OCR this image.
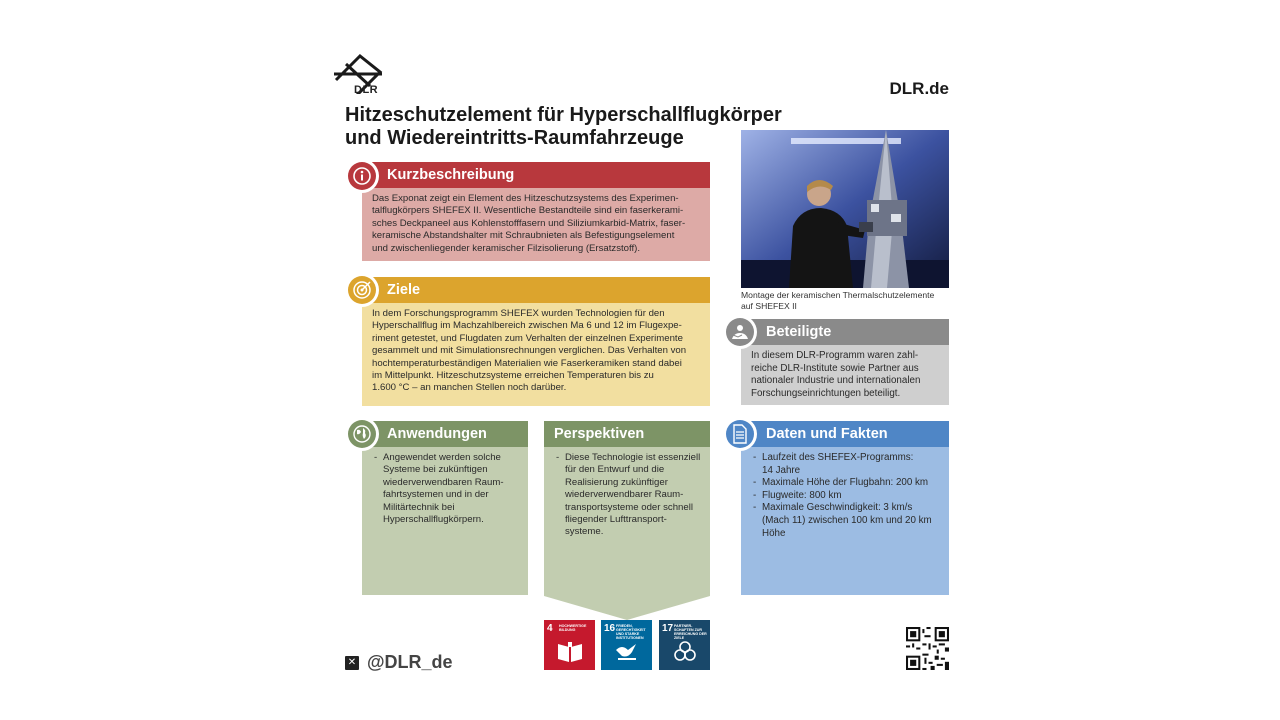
DLR	DLR.de
Hitzeschutzelement für Hyperschallflugkörper
und Wiedereintritts-Raumfahrzeuge
Das Exponat zeigt ein Element des Hitzeschutzsystems des Experimen-
talflugkörpers SHEFEX II. Wesentliche Bestandteile sind ein faserkerami-
sches Deckpaneel aus Kohlenstofffasern und Siliziumkarbid-Matrix, faser-
keramische Abstandshalter mit Schraubnieten als Befestigungselement
und zwischenliegender keramischer Filzisolierung (Ersatzstoff).
Kurzbeschreibung
In dem Forschungsprogramm SHEFEX wurden Technologien für den
Hyperschallflug im Machzahlbereich zwischen Ma 6 und 12 im Flugexpe-
riment getestet, und Flugdaten zum Verhalten der einzelnen Experimente
gesammelt und mit Simulationsrechnungen verglichen. Das Verhalten von
hochtemperaturbeständigen Materialien wie Faserkeramiken stand dabei
im Mittelpunkt. Hitzeschutzsysteme erreichen Temperaturen bis zu
1.600 °C – an manchen Stellen noch darüber.
Ziele	Montage der keramischen Thermalschutzelemente
auf SHEFEX II
In diesem DLR-Programm waren zahl-
reiche DLR-Institute sowie Partner aus
nationaler Industrie und internationalen
Forschungseinrichtungen beteiligt.
Beteiligte
- Angewendet werden solche
Systeme bei zukünftigen
wiederverwendbaren Raum-
fahrtsystemen und in der
Militärtechnik bei
Hyperschallflugkörpern.
Anwendungen	Perspektiven
- Diese Technologie ist essenziell
für den Entwurf und die
Realisierung zukünftiger
wiederverwendbarer Raum-
transportsysteme oder schnell
fliegender Lufttransport-
systeme.
- Laufzeit des SHEFEX-Programms:
14 Jahre
- Maximale Höhe der Flugbahn: 200 km
- Flugweite: 800 km
- Maximale Geschwindigkeit: 3 km/s
(Mach 11) zwischen 100 km und 20 km
Höhe
Daten und Fakten
4 HOCHWERTIGE BILDUNG	16 FRIEDEN, GERECHTIGKEIT UND STARKE INSTITUTIONEN
17 PARTNER-SCHAFTEN ZUR ERREICHUNG DER ZIELE
✕ @DLR_de
